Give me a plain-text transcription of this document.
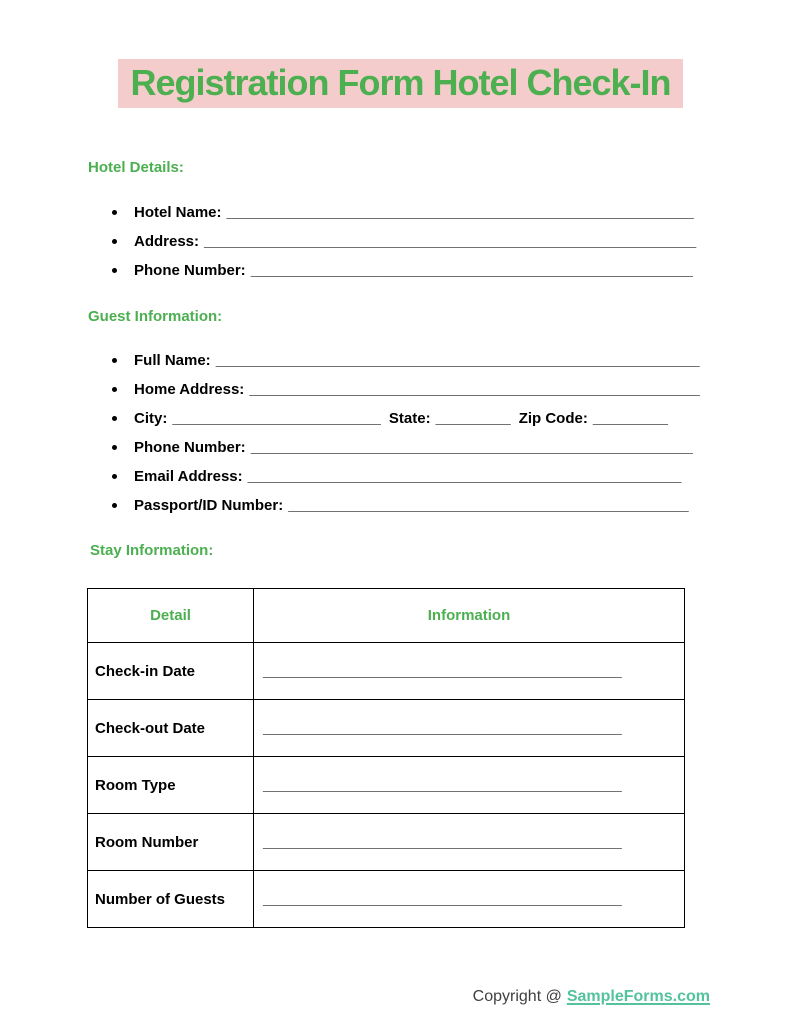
Registration Form Hotel Check-In
Hotel Details:
Hotel Name: ________________________________________________________
Address: ___________________________________________________________
Phone Number: _____________________________________________________
Guest Information:
Full Name: __________________________________________________________
Home Address: ______________________________________________________
City: _________________________ State: _________ Zip Code: _________
Phone Number: _____________________________________________________
Email Address: ____________________________________________________
Passport/ID Number: ________________________________________________
Stay Information:
Detail	Information
Check-in Date	___________________________________________
Check-out Date	___________________________________________
Room Type	___________________________________________
Room Number	___________________________________________
Number of Guests	___________________________________________
Copyright @ SampleForms.com
